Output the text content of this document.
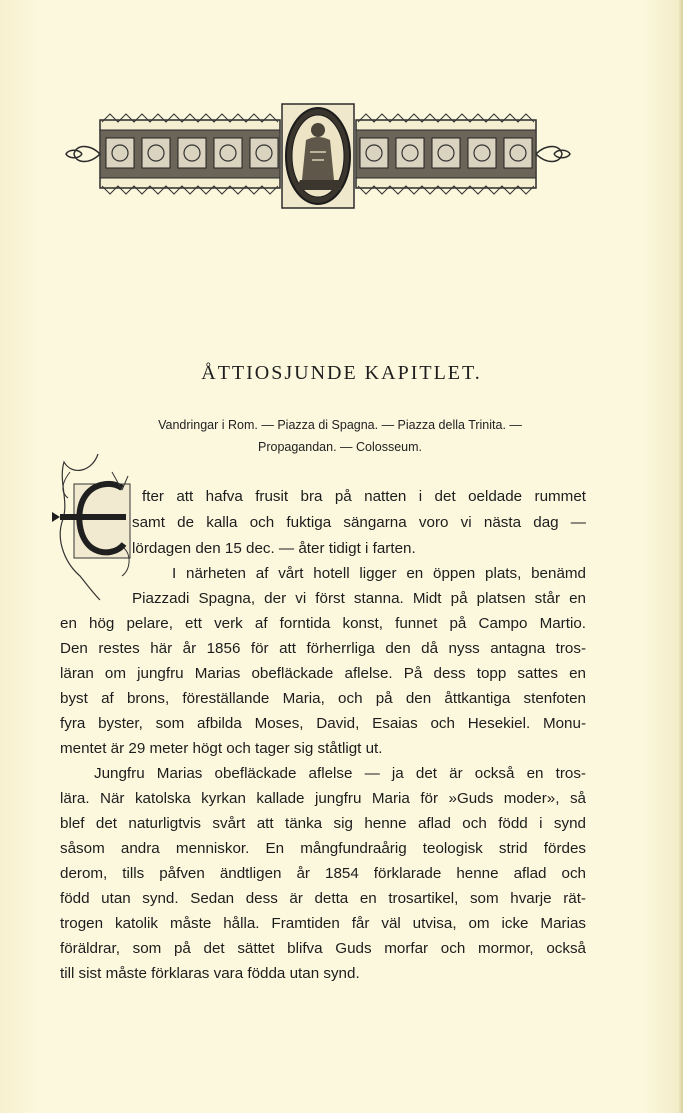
ÅTTIOSJUNDE KAPITLET.
Vandringar i Rom. — Piazza di Spagna. — Piazza della Trinita. —
Propagandan. — Colosseum.
fter att hafva frusit bra på natten i det oeldade rummet
samt de kalla och fuktiga sängarna voro vi nästa dag —
lördagen den 15 dec. — åter tidigt i farten.
I närheten af vårt hotell ligger en öppen plats, benämd
Piazzadi Spagna, der vi först stanna. Midt på platsen står en
en hög pelare, ett verk af forntida konst, funnet på Campo Martio.
Den restes här år 1856 för att förherrliga den då nyss antagna tros-
läran om jungfru Marias obefläckade aflelse. På dess topp sattes en
byst af brons, föreställande Maria, och på den åttkantiga stenfoten
fyra byster, som afbilda Moses, David, Esaias och Hesekiel. Monu-
mentet är 29 meter högt och tager sig ståtligt ut.
Jungfru Marias obefläckade aflelse — ja det är också en tros-
lära. När katolska kyrkan kallade jungfru Maria för »Guds moder», så
blef det naturligtvis svårt att tänka sig henne aflad och född i synd
såsom andra menniskor. En mångfundraårig teologisk strid fördes
derom, tills påfven ändtligen år 1854 förklarade henne aflad och
född utan synd. Sedan dess är detta en trosartikel, som hvarje rät-
trogen katolik måste hålla. Framtiden får väl utvisa, om icke Marias
föräldrar, som på det sättet blifva Guds morfar och mormor, också
till sist måste förklaras vara födda utan synd.
